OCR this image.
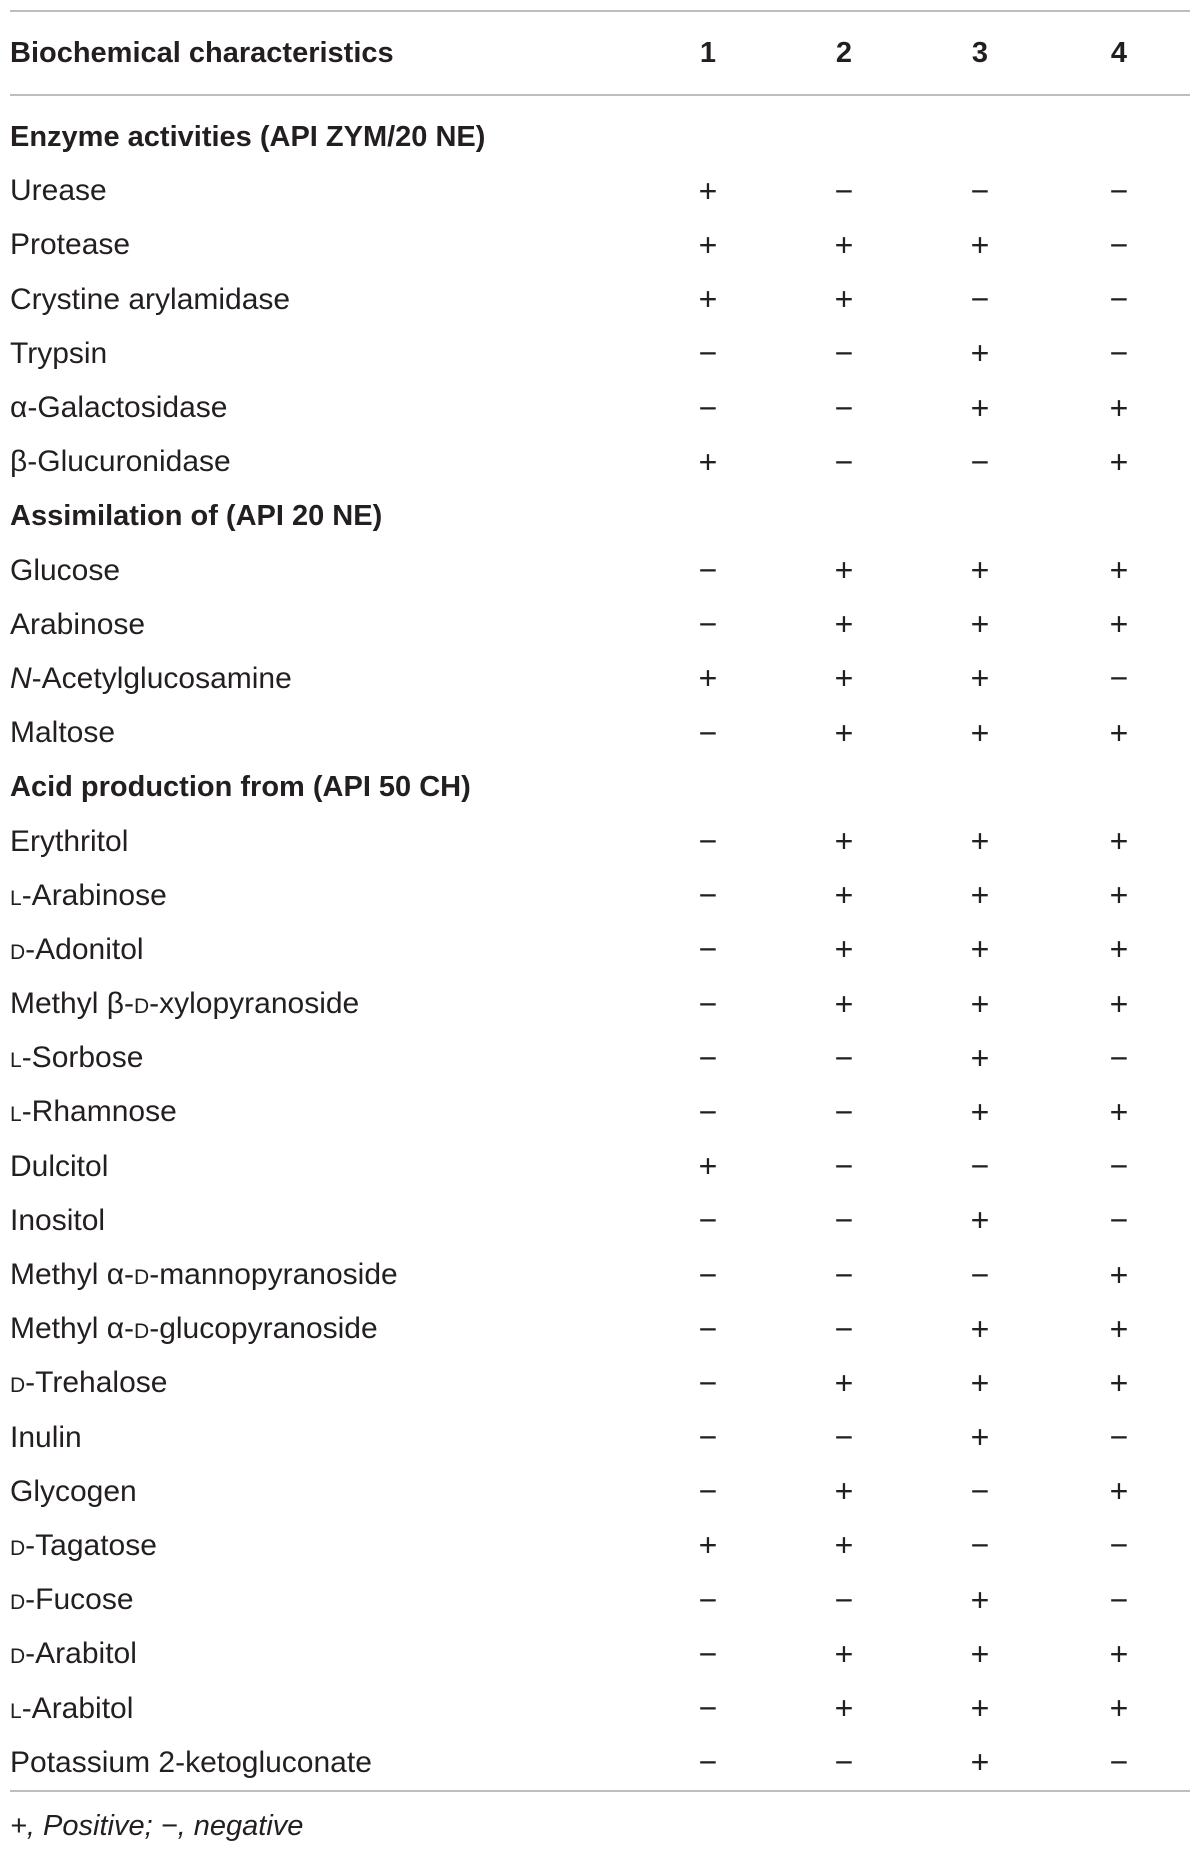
Biochemical characteristics	1	2	3	4

Enzyme activities (API ZYM/20 NE)				
Urease	+	−	−	−
Protease	+	+	+	−
Crystine arylamidase	+	+	−	−
Trypsin	−	−	+	−
α-Galactosidase	−	−	+	+
β-Glucuronidase	+	−	−	+
Assimilation of (API 20 NE)				
Glucose	−	+	+	+
Arabinose	−	+	+	+
N-Acetylglucosamine	+	+	+	−
Maltose	−	+	+	+
Acid production from (API 50 CH)				
Erythritol	−	+	+	+
l-Arabinose	−	+	+	+
d-Adonitol	−	+	+	+
Methyl β-d-xylopyranoside	−	+	+	+
l-Sorbose	−	−	+	−
l-Rhamnose	−	−	+	+
Dulcitol	+	−	−	−
Inositol	−	−	+	−
Methyl α-d-mannopyranoside	−	−	−	+
Methyl α-d-glucopyranoside	−	−	+	+
d-Trehalose	−	+	+	+
Inulin	−	−	+	−
Glycogen	−	+	−	+
d-Tagatose	+	+	−	−
d-Fucose	−	−	+	−
d-Arabitol	−	+	+	+
l-Arabitol	−	+	+	+
Potassium 2-ketogluconate	−	−	+	−
+, Positive; −, negative
